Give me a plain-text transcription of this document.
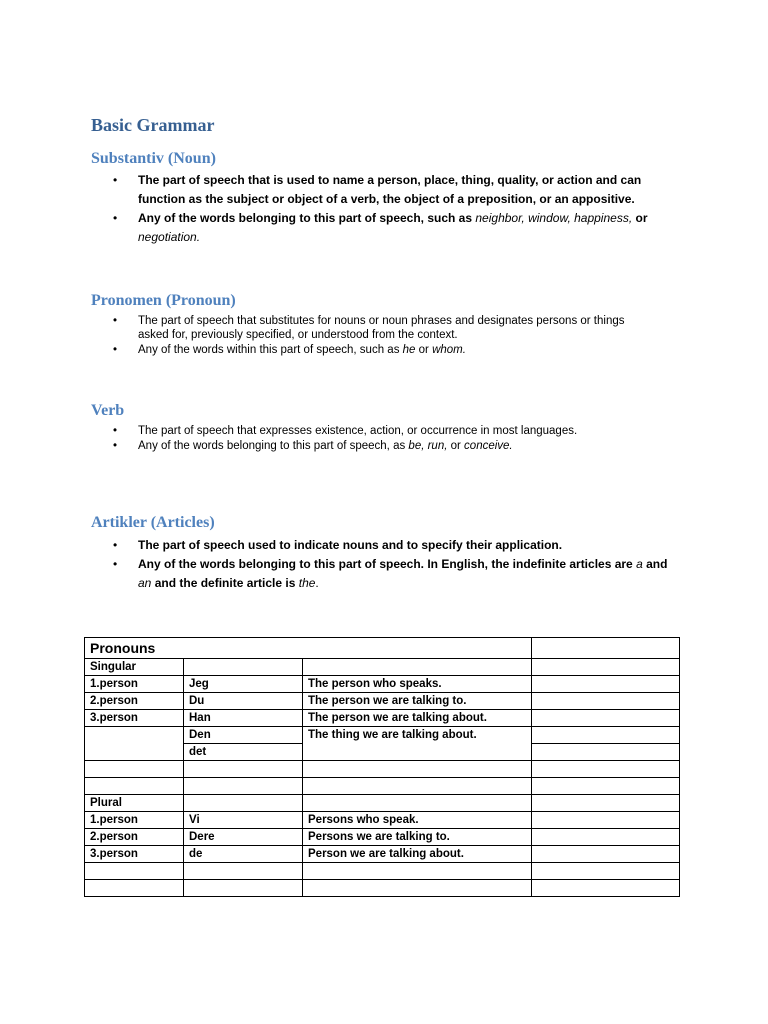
Basic Grammar
Substantiv (Noun)
• The part of speech that is used to name a person, place, thing, quality, or action and can function as the subject or object of a verb, the object of a preposition, or an appositive.
• Any of the words belonging to this part of speech, such as neighbor, window, happiness, or negotiation.
Pronomen (Pronoun)
• The part of speech that substitutes for nouns or noun phrases and designates persons or things asked for, previously specified, or understood from the context.
• Any of the words within this part of speech, such as he or whom.
Verb
• The part of speech that expresses existence, action, or occurrence in most languages.
• Any of the words belonging to this part of speech, as be, run, or conceive.
Artikler (Articles)
• The part of speech used to indicate nouns and to specify their application.
• Any of the words belonging to this part of speech. In English, the indefinite articles are a and an and the definite article is the.
Pronouns			
Singular			
1.person	Jeg	The person who speaks.	
2.person	Du	The person we are talking to.	
3.person	Han	The person we are talking about.	
	Den	The thing we are talking about.	
	det		

Plural			
1.person	Vi	Persons who speak.	
2.person	Dere	Persons we are talking to.	
3.person	de	Person we are talking about.	
